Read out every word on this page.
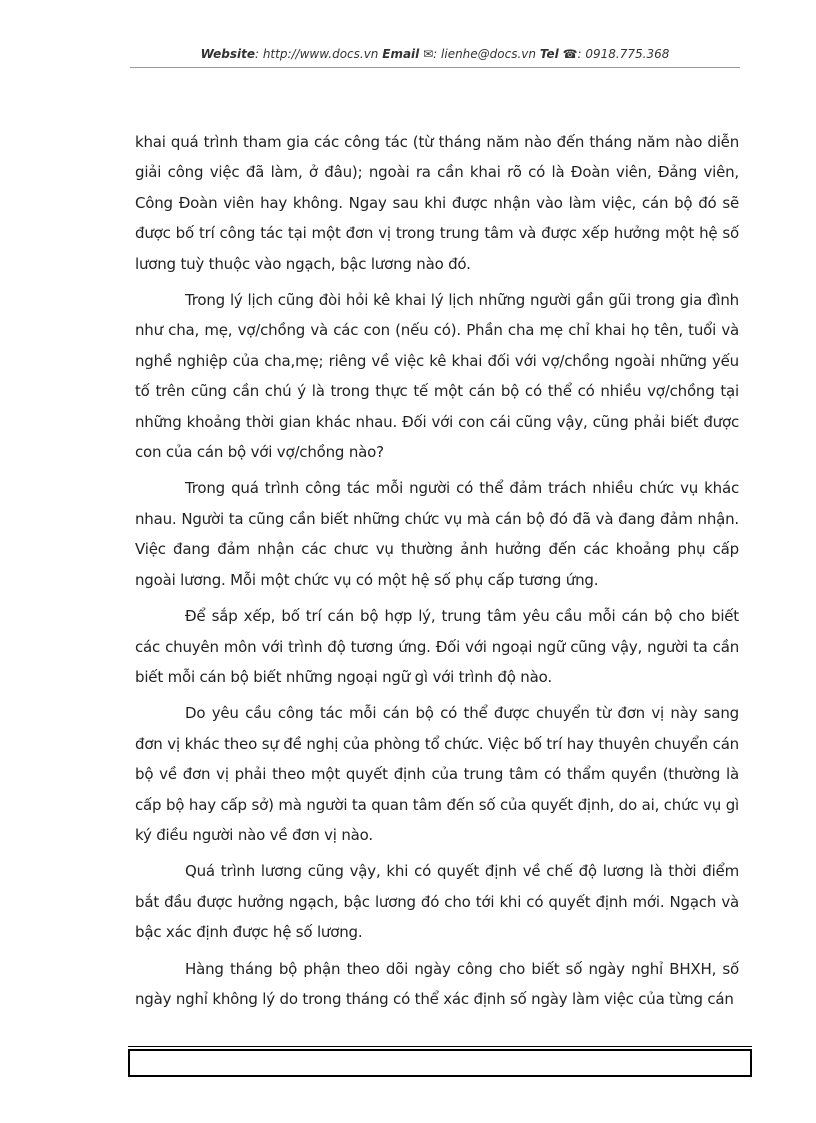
Website: http://www.docs.vn Email ✉: lienhe@docs.vn Tel ☎: 0918.775.368

khai quá trình tham gia các công tác (từ tháng năm nào đến tháng năm nào diễn giải công việc đã làm, ở đâu); ngoài ra cần khai rõ có là Đoàn viên, Đảng viên, Công Đoàn viên hay không. Ngay sau khi được nhận vào làm việc, cán bộ đó sẽ được bố trí công tác tại một đơn vị trong trung tâm và được xếp hưởng một hệ số lương tuỳ thuộc vào ngạch, bậc lương nào đó.

Trong lý lịch cũng đòi hỏi kê khai lý lịch những người gần gũi trong gia đình như cha, mẹ, vợ/chồng và các con (nếu có). Phần cha mẹ chỉ khai họ tên, tuổi và nghề nghiệp của cha,mẹ; riêng về việc kê khai đối với vợ/chồng ngoài những yếu tố trên cũng cần chú ý là trong thực tế một cán bộ có thể có nhiều vợ/chồng tại những khoảng thời gian khác nhau. Đối với con cái cũng vậy, cũng phải biết được con của cán bộ với vợ/chồng nào?

Trong quá trình công tác mỗi người có thể đảm trách nhiều chức vụ khác nhau. Người ta cũng cần biết những chức vụ mà cán bộ đó đã và đang đảm nhận. Việc đang đảm nhận các chưc vụ thường ảnh hưởng đến các khoảng phụ cấp ngoài lương. Mỗi một chức vụ có một hệ số phụ cấp tương ứng.

Để sắp xếp, bố trí cán bộ hợp lý, trung tâm yêu cầu mỗi cán bộ cho biết các chuyên môn với trình độ tương ứng. Đối với ngoại ngữ cũng vậy, người ta cần biết mỗi cán bộ biết những ngoại ngữ gì với trình độ nào.

Do yêu cầu công tác mỗi cán bộ có thể được chuyển từ đơn vị này sang đơn vị khác theo sự đề nghị của phòng tổ chức. Việc bố trí hay thuyên chuyển cán bộ về đơn vị phải theo một quyết định của trung tâm có thẩm quyền (thường là cấp bộ hay cấp sở) mà người ta quan tâm đến số của quyết định, do ai, chức vụ gì ký điều người nào về đơn vị nào.

Quá trình lương cũng vậy, khi có quyết định về chế độ lương là thời điểm bắt đầu được hưởng ngạch, bậc lương đó cho tới khi có quyết định mới. Ngạch và bậc xác định được hệ số lương.

Hàng tháng bộ phận theo dõi ngày công cho biết số ngày nghỉ BHXH, số ngày nghỉ không lý do trong tháng có thể xác định số ngày làm việc của từng cán
